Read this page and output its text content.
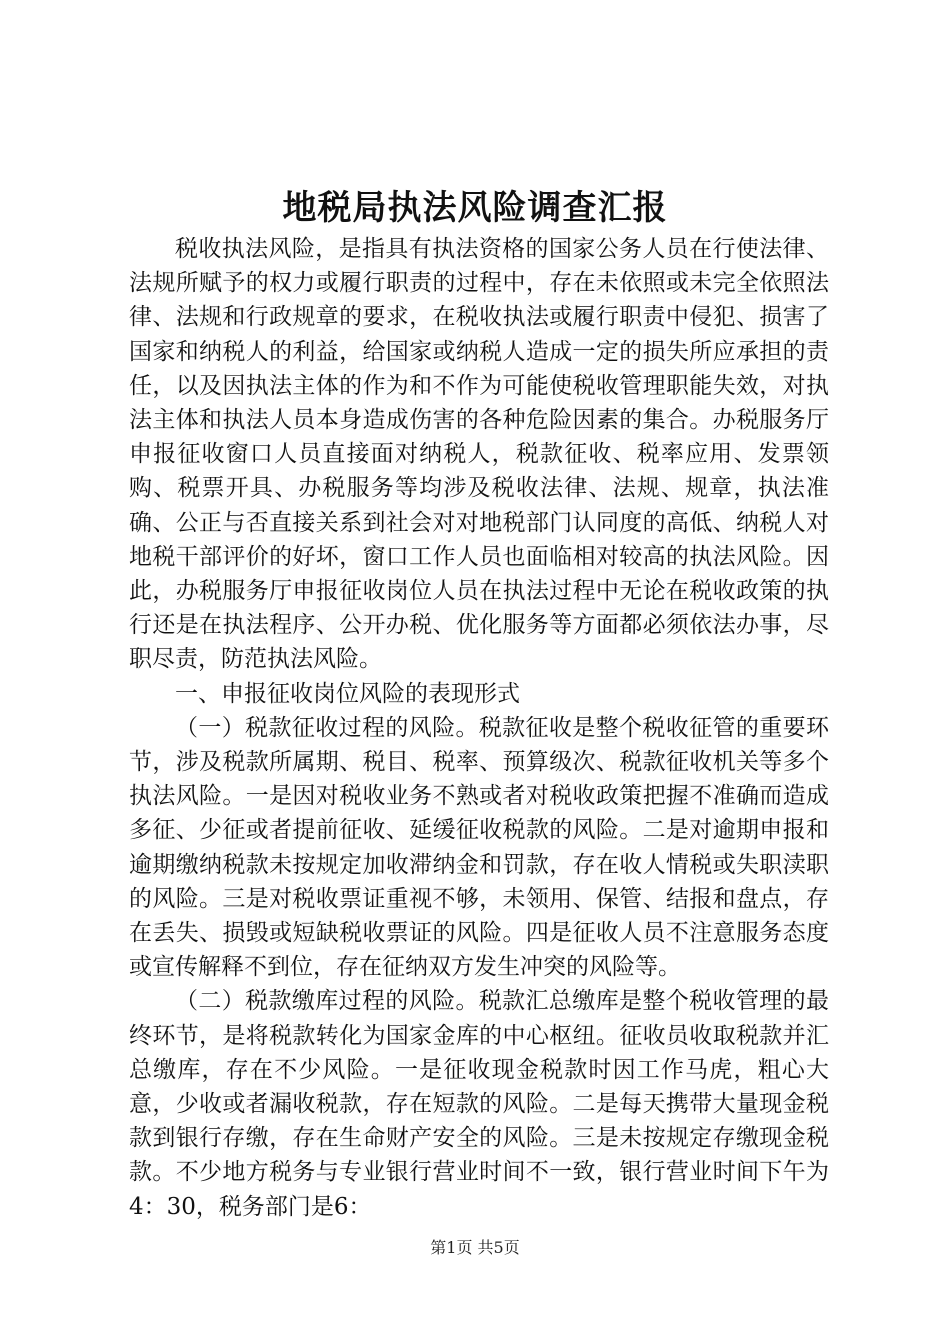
地税局执法风险调查汇报

税收执法风险，是指具有执法资格的国家公务人员在行使法律、法规所赋予的权力或履行职责的过程中，存在未依照或未完全依照法律、法规和行政规章的要求，在税收执法或履行职责中侵犯、损害了国家和纳税人的利益，给国家或纳税人造成一定的损失所应承担的责任，以及因执法主体的作为和不作为可能使税收管理职能失效，对执法主体和执法人员本身造成伤害的各种危险因素的集合。办税服务厅申报征收窗口人员直接面对纳税人，税款征收、税率应用、发票领购、税票开具、办税服务等均涉及税收法律、法规、规章，执法准确、公正与否直接关系到社会对对地税部门认同度的高低、纳税人对地税干部评价的好坏，窗口工作人员也面临相对较高的执法风险。因此，办税服务厅申报征收岗位人员在执法过程中无论在税收政策的执行还是在执法程序、公开办税、优化服务等方面都必须依法办事，尽职尽责，防范执法风险。

一、申报征收岗位风险的表现形式

（一）税款征收过程的风险。税款征收是整个税收征管的重要环节，涉及税款所属期、税目、税率、预算级次、税款征收机关等多个执法风险。一是因对税收业务不熟或者对税收政策把握不准确而造成多征、少征或者提前征收、延缓征收税款的风险。二是对逾期申报和逾期缴纳税款未按规定加收滞纳金和罚款，存在收人情税或失职渎职的风险。三是对税收票证重视不够，未领用、保管、结报和盘点，存在丢失、损毁或短缺税收票证的风险。四是征收人员不注意服务态度或宣传解释不到位，存在征纳双方发生冲突的风险等。

（二）税款缴库过程的风险。税款汇总缴库是整个税收管理的最终环节，是将税款转化为国家金库的中心枢纽。征收员收取税款并汇总缴库，存在不少风险。一是征收现金税款时因工作马虎，粗心大意，少收或者漏收税款，存在短款的风险。二是每天携带大量现金税款到银行存缴，存在生命财产安全的风险。三是未按规定存缴现金税款。不少地方税务与专业银行营业时间不一致，银行营业时间下午为4：30，税务部门是6：

第1页 共5页
